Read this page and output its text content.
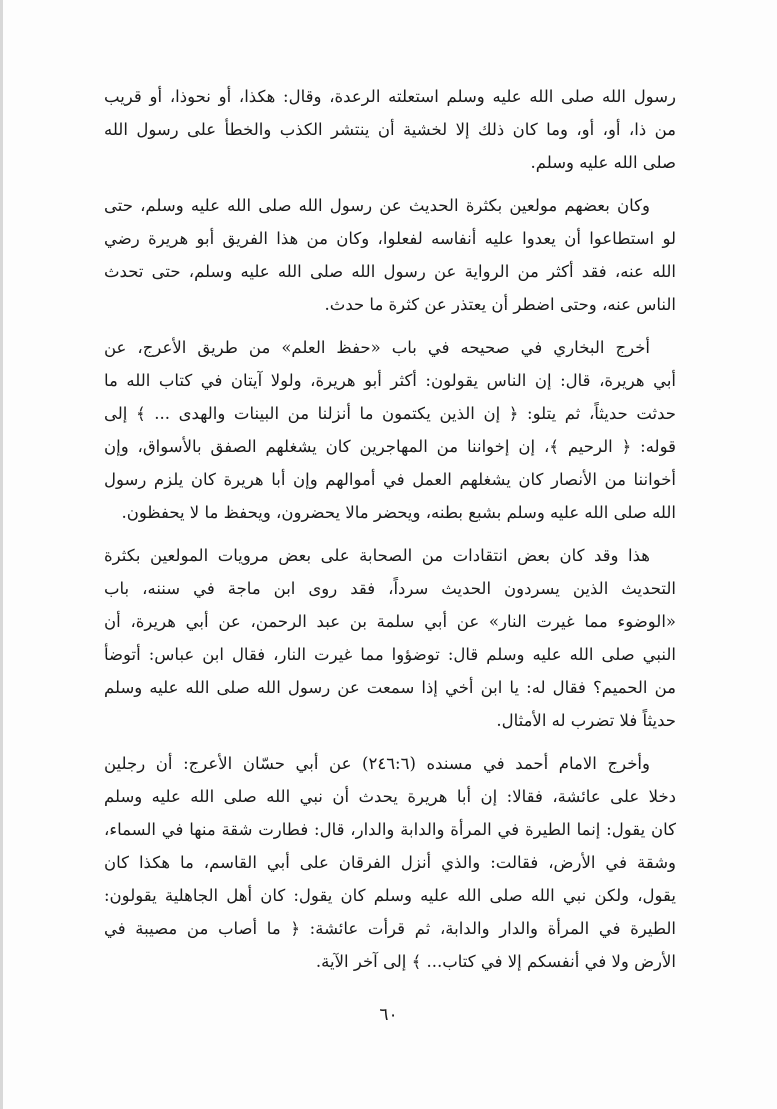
رسول الله صلى الله عليه وسلم استعلته الرعدة، وقال: هكذا، أو نحوذا، أو قريب
من ذا، أو، أو، وما كان ذلك إلا لخشية أن ينتشر الكذب والخطأ على رسول الله
صلى الله عليه وسلم.

وكان بعضهم مولعين بكثرة الحديث عن رسول الله صلى الله عليه وسلم، حتى
لو استطاعوا أن يعدوا عليه أنفاسه لفعلوا، وكان من هذا الفريق أبو هريرة رضي
الله عنه، فقد أكثر من الرواية عن رسول الله صلى الله عليه وسلم، حتى تحدث
الناس عنه، وحتى اضطر أن يعتذر عن كثرة ما حدث.

أخرج البخاري في صحيحه في باب «حفظ العلم» من طريق الأعرج، عن
أبي هريرة، قال: إن الناس يقولون: أكثر أبو هريرة، ولولا آيتان في كتاب الله ما
حدثت حديثاً، ثم يتلو: ﴿ إن الذين يكتمون ما أنزلنا من البينات والهدى ... ﴾ إلى
قوله: ﴿ الرحيم ﴾، إن إخواننا من المهاجرين كان يشغلهم الصفق بالأسواق، وإن
أخواننا من الأنصار كان يشغلهم العمل في أموالهم وإن أبا هريرة كان يلزم رسول
الله صلى الله عليه وسلم بشبع بطنه، ويحضر مالا يحضرون، ويحفظ ما لا يحفظون.

هذا وقد كان بعض انتقادات من الصحابة على بعض مرويات المولعين بكثرة
التحديث الذين يسردون الحديث سرداً، فقد روى ابن ماجة في سننه، باب
«الوضوء مما غيرت النار» عن أبي سلمة بن عبد الرحمن، عن أبي هريرة، أن
النبي صلى الله عليه وسلم قال: توضؤوا مما غيرت النار، فقال ابن عباس: أتوضأ
من الحميم؟ فقال له: يا ابن أخي إذا سمعت عن رسول الله صلى الله عليه وسلم
حديثاً فلا تضرب له الأمثال.

وأخرج الامام أحمد في مسنده (٢٤٦:٦) عن أبي حسّان الأعرج: أن رجلين
دخلا على عائشة، فقالا: إن أبا هريرة يحدث أن نبي الله صلى الله عليه وسلم
كان يقول: إنما الطيرة في المرأة والدابة والدار، قال: فطارت شقة منها في السماء،
وشقة في الأرض، فقالت: والذي أنزل الفرقان على أبي القاسم، ما هكذا كان
يقول، ولكن نبي الله صلى الله عليه وسلم كان يقول: كان أهل الجاهلية يقولون:
الطيرة في المرأة والدار والدابة، ثم قرأت عائشة: ﴿ ما أصاب من مصيبة في
الأرض ولا في أنفسكم إلا في كتاب... ﴾ إلى آخر الآية.

٦٠
